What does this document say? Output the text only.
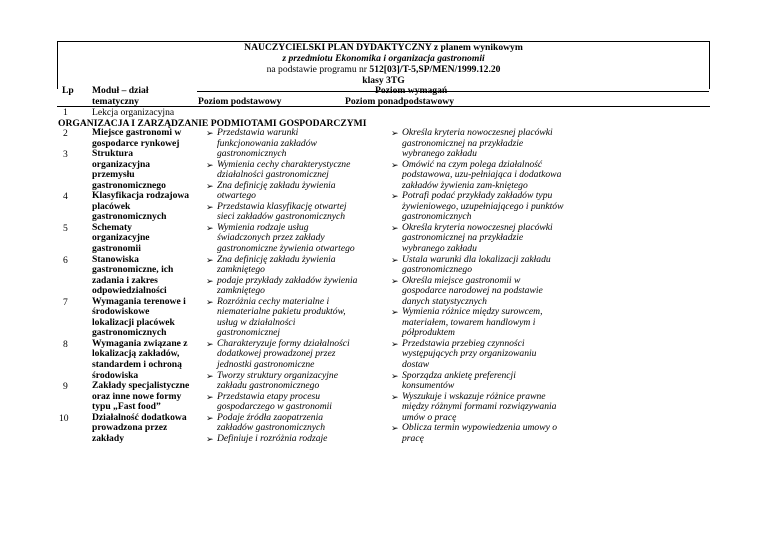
NAUCZYCIELSKI PLAN DYDAKTYCZNY z planem wynikowym
z przedmiotu Ekonomika i organizacja gastronomii
na podstawie programu nr 512[03]/T-5,SP/MEN/1999.12.20
klasy 3TG
Lp Moduł – dział
tematyczny
Poziom wymagań
Poziom podstawowy	Poziom ponadpodstawowy
1	Lekcja organizacyjna
ORGANIZACJA I ZARZĄDZANIE PODMIOTAMI GOSPODARCZYMI
2
3
4
5
6
7
8
9
10
Miejsce gastronomi w
gospodarce rynkowej
Struktura
organizacyjna
przemysłu
gastronomicznego
Klasyfikacja rodzajowa
placówek
gastronomicznych
Schematy
organizacyjne
gastronomii
Stanowiska
gastronomiczne, ich
zadania i zakres
odpowiedzialności
Wymagania terenowe i
środowiskowe
lokalizacji placówek
gastronomicznych
Wymagania związane z
lokalizacją zakładów,
standardem i ochroną
środowiska
Zakłady specjalistyczne
oraz inne nowe formy
typu „Fast food”
Działalność dodatkowa
prowadzona przez
zakłady
➢ Przedstawia warunki
funkcjonowania zakładów
gastronomicznych
➢ Wymienia cechy charakterystyczne
działalności gastronomicznej
➢ Zna definicję zakładu żywienia
otwartego
➢ Przedstawia klasyfikację otwartej
sieci zakładów gastronomicznych
➢ Wymienia rodzaje usług
świadczonych przez zakłady
gastronomiczne żywienia otwartego
➢ Zna definicję zakładu żywienia
zamkniętego
➢ podaje przykłady zakładów żywienia
zamkniętego
➢ Rozróżnia cechy materialne i
niematerialne pakietu produktów,
usług w działalności
gastronomicznej
➢ Charakteryzuje formy działalności
dodatkowej prowadzonej przez
jednostki gastronomiczne
➢ Tworzy struktury organizacyjne
zakładu gastronomicznego
➢ Przedstawia etapy procesu
gospodarczego w gastronomii
➢ Podaje źródła zaopatrzenia
zakładów gastronomicznych
➢ Definiuje i rozróżnia rodzaje
➢ Określa kryteria nowoczesnej placówki
gastronomicznej na przykładzie
wybranego zakładu
➢ Omówić na czym polega działalność
podstawowa, uzu-pełniająca i dodatkowa
zakładów żywienia zam-kniętego
➢ Potrafi podać przykłady zakładów typu
żywieniowego, uzupełniającego i punktów
gastronomicznych
➢ Określa kryteria nowoczesnej placówki
gastronomicznej na przykładzie
wybranego zakładu
➢ Ustala warunki dla lokalizacji zakładu
gastronomicznego
➢ Określa miejsce gastronomii w
gospodarce narodowej na podstawie
danych statystycznych
➢ Wymienia różnice między surowcem,
materiałem, towarem handlowym i
półproduktem
➢ Przedstawia przebieg czynności
występujących przy organizowaniu
dostaw
➢ Sporządza ankietę preferencji
konsumentów
➢ Wyszukuje i wskazuje różnice prawne
między różnymi formami rozwiązywania
umów o pracę
➢ Oblicza termin wypowiedzenia umowy o
pracę
